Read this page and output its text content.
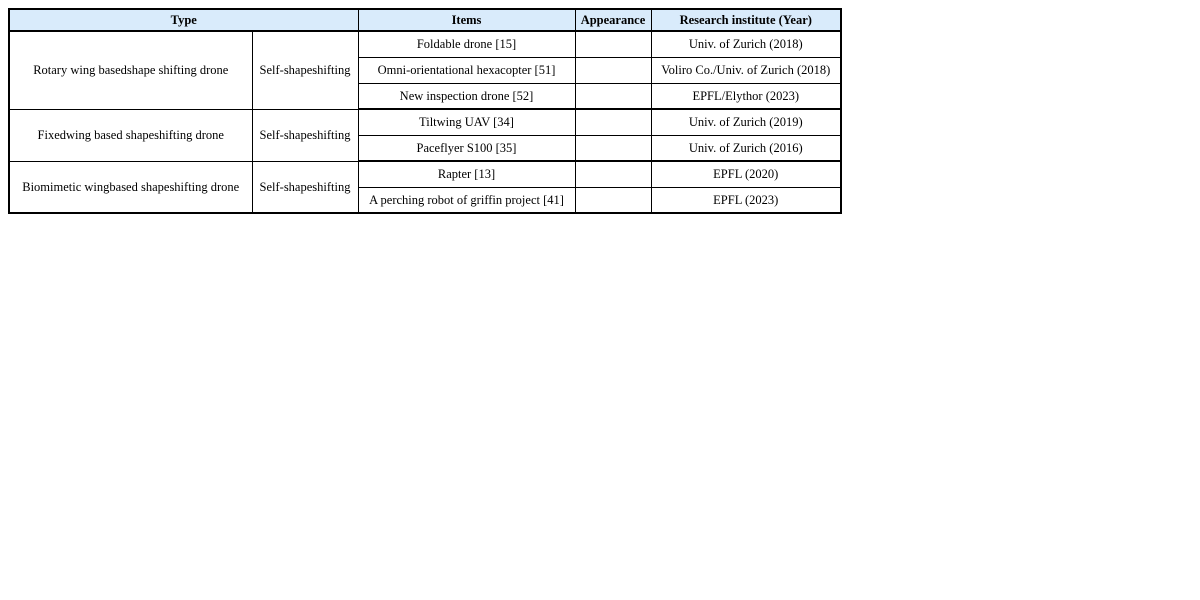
Type		Items	Appearance	Research institute (Year)
Rotary wing basedshape shifting drone	Self-shapeshifting	Foldable drone [15]		Univ. of Zurich (2018)
		Omni-orientational hexacopter [51]		Voliro Co./Univ. of Zurich (2018)
		New inspection drone [52]		EPFL/Elythor (2023)
Fixedwing based shapeshifting drone	Self-shapeshifting	Tiltwing UAV [34]		Univ. of Zurich (2019)
		Paceflyer S100 [35]		Univ. of Zurich (2016)
Biomimetic wingbased shapeshifting drone	Self-shapeshifting	Rapter [13]		EPFL (2020)
		A perching robot of griffin project [41]		EPFL (2023)
